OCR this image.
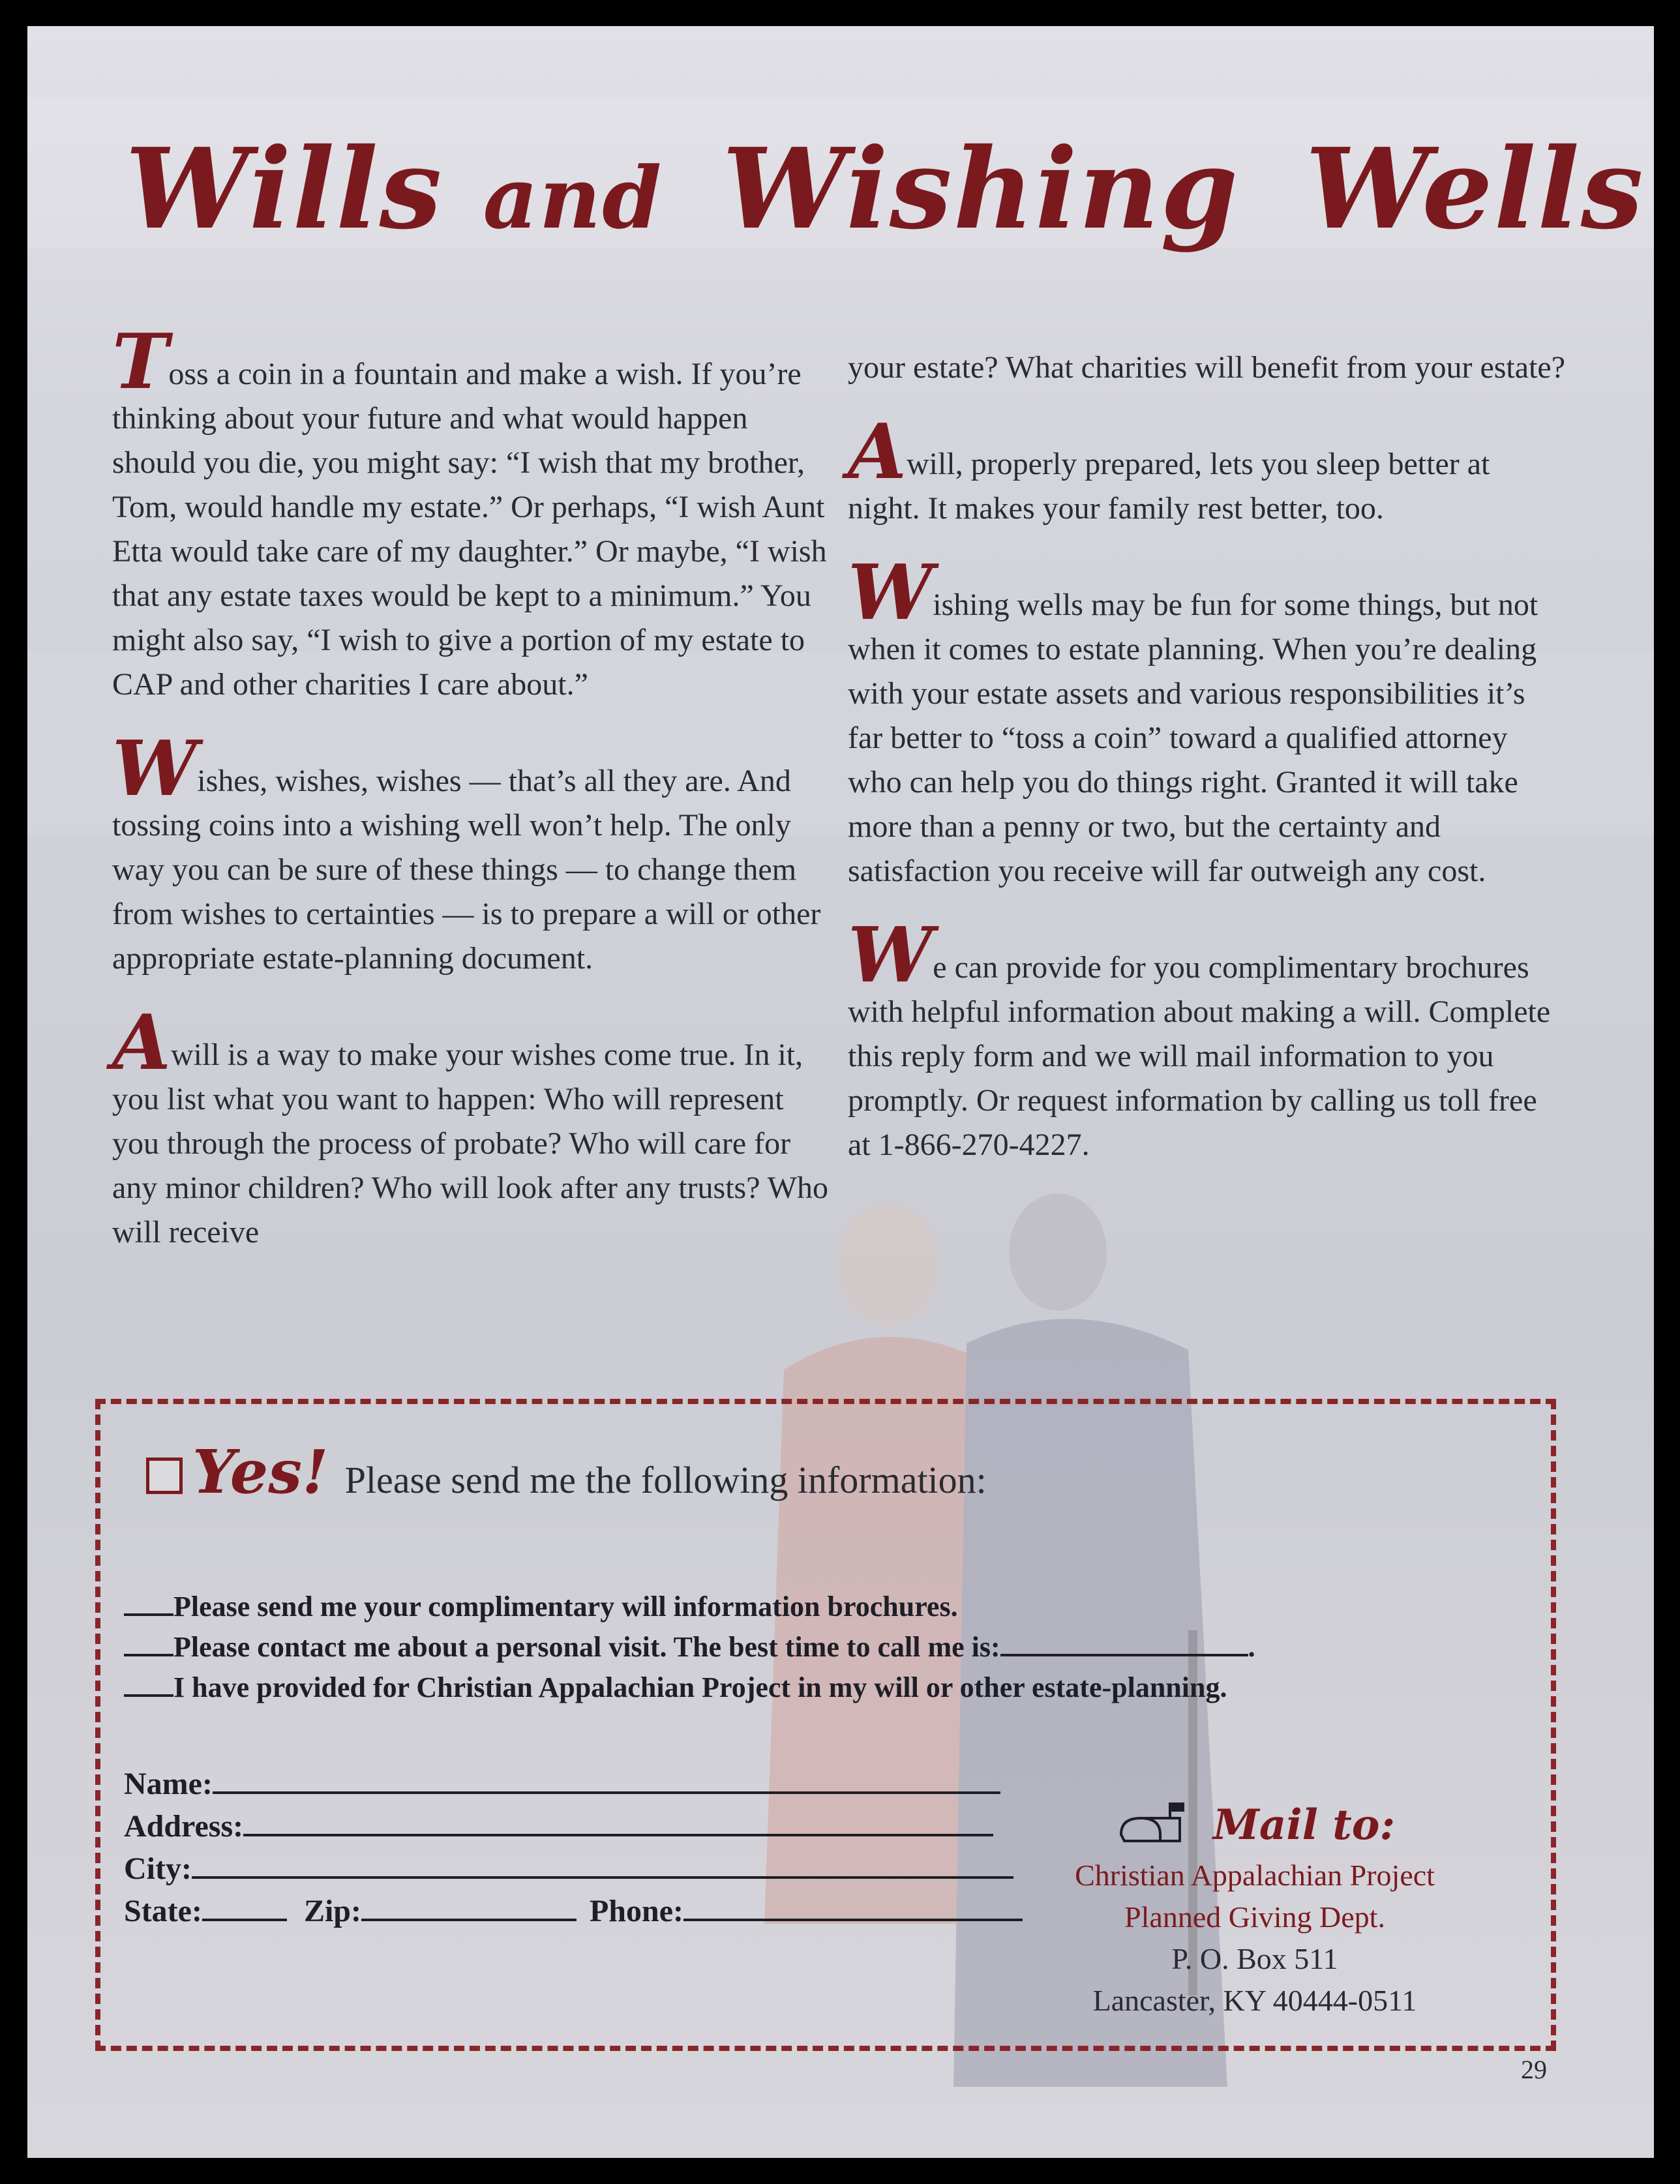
Wills and Wishing Wells

Toss a coin in a fountain and make a wish. If you’re thinking about your future and what would happen should you die, you might say: “I wish that my brother, Tom, would handle my estate.” Or perhaps, “I wish Aunt Etta would take care of my daughter.” Or maybe, “I wish that any estate taxes would be kept to a minimum.” You might also say, “I wish to give a portion of my estate to CAP and other charities I care about.”

Wishes, wishes, wishes — that’s all they are. And tossing coins into a wishing well won’t help. The only way you can be sure of these things — to change them from wishes to certainties — is to prepare a will or other appropriate estate-planning document.

Awill is a way to make your wishes come true. In it, you list what you want to happen: Who will represent you through the process of probate? Who will care for any minor children? Who will look after any trusts? Who will receive

your estate? What charities will benefit from your estate?

Awill, properly prepared, lets you sleep better at night. It makes your family rest better, too.

Wishing wells may be fun for some things, but not when it comes to estate planning. When you’re dealing with your estate assets and various responsibilities it’s far better to “toss a coin” toward a qualified attorney who can help you do things right. Granted it will take more than a penny or two, but the certainty and satisfaction you receive will far outweigh any cost.

We can provide for you complimentary brochures with helpful information about making a will. Complete this reply form and we will mail information to you promptly. Or request information by calling us toll free at 1-866-270-4227.

Yes! Please send me the following information:
Please send me your complimentary will information brochures.
Please contact me about a personal visit. The best time to call me is:	.
I have provided for Christian Appalachian Project in my will or other estate-planning.
Name:
Address:
City:
State:	Zip:	Phone:
Mail to:
Christian Appalachian Project
Planned Giving Dept.
P. O. Box 511
Lancaster, KY 40444-0511
29
